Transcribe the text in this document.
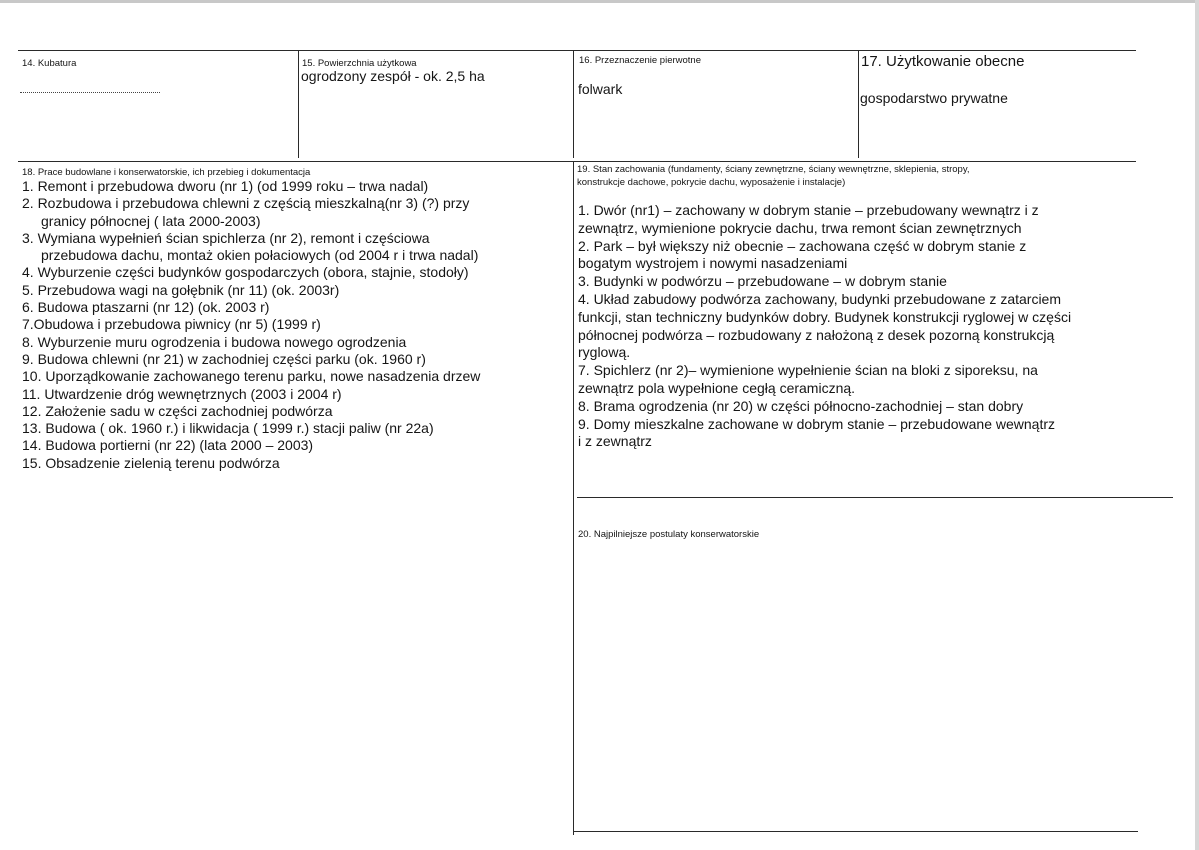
14. Kubatura	15. Powierzchnia użytkowa
ogrodzony zespół - ok. 2,5 ha
16. Przeznaczenie pierwotne
folwark
17. Użytkowanie obecne
gospodarstwo prywatne
18. Prace budowlane i konserwatorskie, ich przebieg i dokumentacja
1. Remont i przebudowa dworu (nr 1) (od 1999 roku – trwa nadal)
2. Rozbudowa i przebudowa chlewni z częścią mieszkalną(nr 3) (?) przy
granicy północnej ( lata 2000-2003)
3. Wymiana wypełnień ścian spichlerza (nr 2), remont i częściowa
przebudowa dachu, montaż okien połaciowych (od 2004 r i trwa nadal)
4. Wyburzenie części budynków gospodarczych (obora, stajnie, stodoły)
5. Przebudowa wagi na gołębnik (nr 11) (ok. 2003r)
6. Budowa ptaszarni (nr 12) (ok. 2003 r)
7.Obudowa i przebudowa piwnicy (nr 5) (1999 r)
8. Wyburzenie muru ogrodzenia i budowa nowego ogrodzenia
9. Budowa chlewni (nr 21) w zachodniej części parku (ok. 1960 r)
10. Uporządkowanie zachowanego terenu parku, nowe nasadzenia drzew
11. Utwardzenie dróg wewnętrznych (2003 i 2004 r)
12. Założenie sadu w części zachodniej podwórza
13. Budowa ( ok. 1960 r.) i likwidacja ( 1999 r.) stacji paliw (nr 22a)
14. Budowa portierni (nr 22) (lata 2000 – 2003)
15. Obsadzenie zielenią terenu podwórza
19. Stan zachowania (fundamenty, ściany zewnętrzne, ściany wewnętrzne, sklepienia, stropy,
konstrukcje dachowe, pokrycie dachu, wyposażenie i instalacje)
1. Dwór (nr1) – zachowany w dobrym stanie – przebudowany wewnątrz i z
zewnątrz, wymienione pokrycie dachu, trwa remont ścian zewnętrznych
2. Park – był większy niż obecnie – zachowana część w dobrym stanie z
bogatym wystrojem i nowymi nasadzeniami
3. Budynki w podwórzu – przebudowane – w dobrym stanie
4. Układ zabudowy podwórza zachowany, budynki przebudowane z zatarciem
funkcji, stan techniczny budynków dobry. Budynek konstrukcji ryglowej w części
północnej podwórza – rozbudowany z nałożoną z desek pozorną konstrukcją
ryglową.
7. Spichlerz (nr 2)– wymienione wypełnienie ścian na bloki z siporeksu, na
zewnątrz pola wypełnione cegłą ceramiczną.
8. Brama ogrodzenia (nr 20) w części północno-zachodniej – stan dobry
9. Domy mieszkalne zachowane w dobrym stanie – przebudowane wewnątrz
i z zewnątrz
20. Najpilniejsze postulaty konserwatorskie
